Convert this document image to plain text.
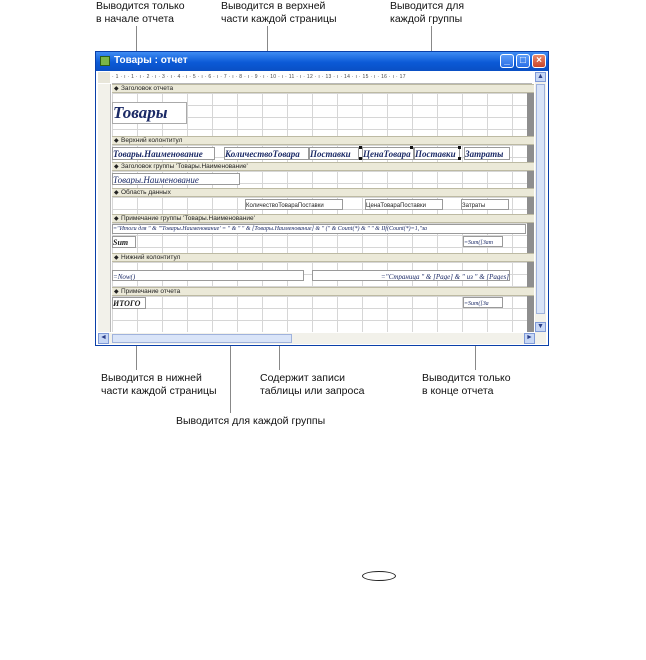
Выводится только
в начале отчета
Выводится в верхней
части каждой страницы
Выводится для
каждой группы
Выводится в нижней
части каждой страницы
Содержит записи
таблицы или запроса
Выводится только
в конце отчета
Выводится для каждой группы
Товары : отчет	_	□	×
· 1 · ı · 1 · ı · 2 · ı · 3 · ı · 4 · ı · 5 · ı · 6 · ı · 7 · ı · 8 · ı · 9 · ı · 10 · ı · 11 · ı · 12 · ı · 13 · ı · 14 · ı · 15 · ı · 16 · ı · 17
◆ Заголовок отчета
Товары
◆ Верхний колонтитул
Товары.Наименование	КоличествоТовара	Поставки	ЦенаТовара Поставки	Затраты
◆ Заголовок группы 'Товары.Наименование'
Товары.Наименование
◆ Область данных
КоличествоТовараПоставки	ЦенаТовараПоставки	Затраты
◆ Примечание группы 'Товары.Наименование'
="Итоги для " & "'Товары.Наименование' = " & " " & [Товары.Наименование] & " (" & Count(*) & " " & IIf(Count(*)=1,"за
Sum	=Sum([Зат
◆ Нижний колонтитул
=Now()	="Страница " & [Page] & " из " & [Pages]
◆ Примечание отчета
ИТОГО	=Sum([За
▲
▼
◄	►
